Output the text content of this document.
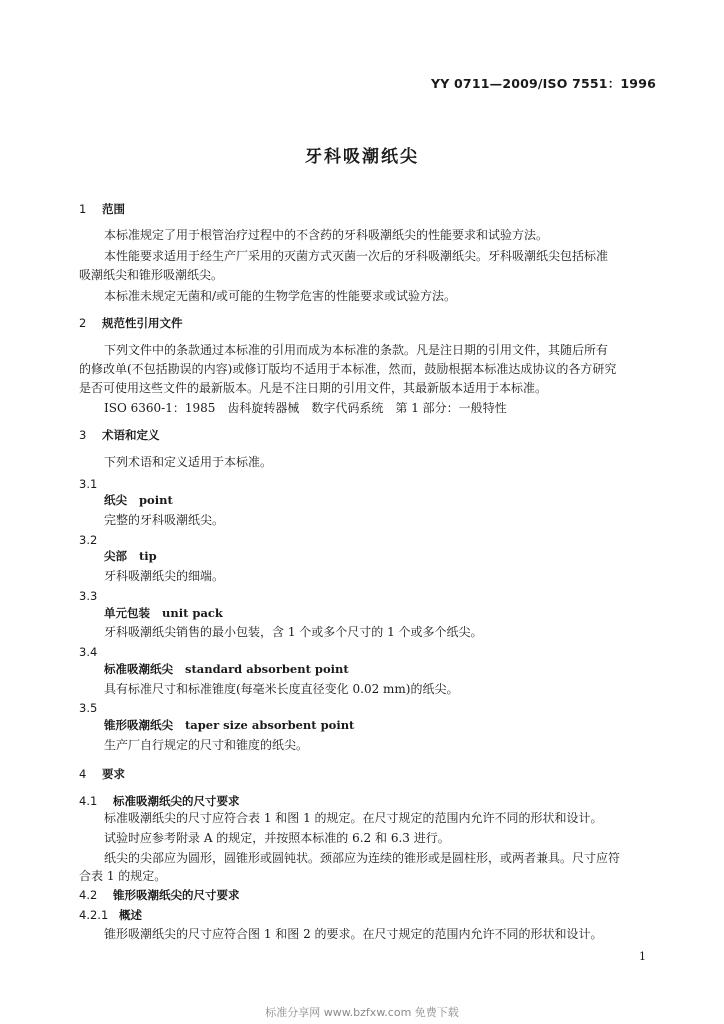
YY 0711—2009/ISO 7551：1996
牙科吸潮纸尖
1 范围
本标准规定了用于根管治疗过程中的不含药的牙科吸潮纸尖的性能要求和试验方法。
本性能要求适用于经生产厂采用的灭菌方式灭菌一次后的牙科吸潮纸尖。牙科吸潮纸尖包括标准
吸潮纸尖和锥形吸潮纸尖。
本标准未规定无菌和/或可能的生物学危害的性能要求或试验方法。
2 规范性引用文件
下列文件中的条款通过本标准的引用而成为本标准的条款。凡是注日期的引用文件，其随后所有
的修改单(不包括勘误的内容)或修订版均不适用于本标准，然而，鼓励根据本标准达成协议的各方研究
是否可使用这些文件的最新版本。凡是不注日期的引用文件，其最新版本适用于本标准。
ISO 6360-1：1985 齿科旋转器械　数字代码系统　第 1 部分：一般特性
3 术语和定义
下列术语和定义适用于本标准。
3.1
纸尖 point
完整的牙科吸潮纸尖。
3.2
尖部 tip
牙科吸潮纸尖的细端。
3.3
单元包装 unit pack
牙科吸潮纸尖销售的最小包装，含 1 个或多个尺寸的 1 个或多个纸尖。
3.4
标准吸潮纸尖 standard absorbent point
具有标准尺寸和标准锥度(每毫米长度直径变化 0.02 mm)的纸尖。
3.5
锥形吸潮纸尖 taper size absorbent point
生产厂自行规定的尺寸和锥度的纸尖。
4 要求
4.1 标准吸潮纸尖的尺寸要求
标准吸潮纸尖的尺寸应符合表 1 和图 1 的规定。在尺寸规定的范围内允许不同的形状和设计。
试验时应参考附录 A 的规定，并按照本标准的 6.2 和 6.3 进行。
纸尖的尖部应为圆形，圆锥形或圆钝状。颈部应为连续的锥形或是圆柱形，或两者兼具。尺寸应符
合表 1 的规定。
4.2 锥形吸潮纸尖的尺寸要求
4.2.1 概述
锥形吸潮纸尖的尺寸应符合图 1 和图 2 的要求。在尺寸规定的范围内允许不同的形状和设计。
1
标准分享网 www.bzfxw.com 免费下载
